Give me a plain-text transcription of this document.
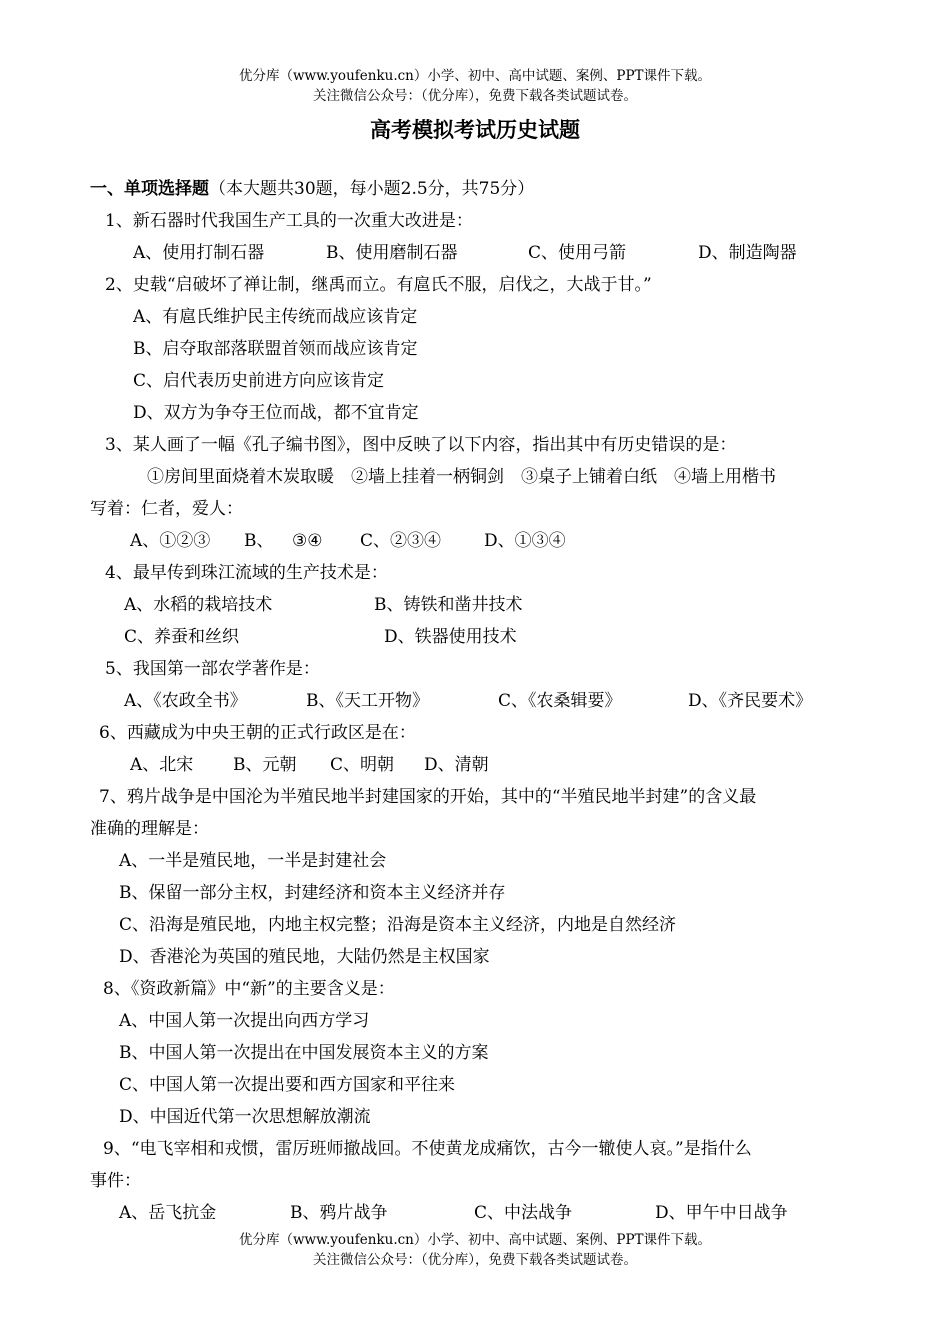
优分库（www.youfenku.cn）小学、初中、高中试题、案例、PPT课件下载。
关注微信公众号：（优分库），免费下载各类试题试卷。
高考模拟考试历史试题
一、单项选择题（本大题共30题，每小题2.5分，共75分）
1、新石器时代我国生产工具的一次重大改进是：
A、使用打制石器	B、使用磨制石器	C、使用弓箭	D、制造陶器
2、史载“启破坏了禅让制，继禹而立。有扈氏不服，启伐之，大战于甘。”
A、有扈氏维护民主传统而战应该肯定
B、启夺取部落联盟首领而战应该肯定
C、启代表历史前进方向应该肯定
D、双方为争夺王位而战，都不宜肯定
3、某人画了一幅《孔子编书图》，图中反映了以下内容，指出其中有历史错误的是：
①房间里面烧着木炭取暖　②墙上挂着一柄铜剑　③桌子上铺着白纸　④墙上用楷书
写着：仁者，爱人：
A、①②③ B、 ③④ C、②③④	D、①③④
4、最早传到珠江流域的生产技术是：
A、水稻的栽培技术	B、铸铁和凿井技术
C、养蚕和丝织	D、铁器使用技术
5、我国第一部农学著作是：
A、《农政全书》	B、《天工开物》	C、《农桑辑要》	D、《齐民要术》
6、西藏成为中央王朝的正式行政区是在：
A、北宋 B、元朝 C、明朝 D、清朝
7、鸦片战争是中国沦为半殖民地半封建国家的开始，其中的“半殖民地半封建”的含义最
准确的理解是：
A、一半是殖民地，一半是封建社会
B、保留一部分主权，封建经济和资本主义经济并存
C、沿海是殖民地，内地主权完整；沿海是资本主义经济，内地是自然经济
D、香港沦为英国的殖民地，大陆仍然是主权国家
8、《资政新篇》中“新”的主要含义是：
A、中国人第一次提出向西方学习
B、中国人第一次提出在中国发展资本主义的方案
C、中国人第一次提出要和西方国家和平往来
D、中国近代第一次思想解放潮流
9、“电飞宰相和戎惯，雷厉班师撤战回。不使黄龙成痛饮，古今一辙使人哀。”是指什么
事件：
A、岳飞抗金	B、鸦片战争	C、中法战争	D、甲午中日战争
优分库（www.youfenku.cn）小学、初中、高中试题、案例、PPT课件下载。
关注微信公众号：（优分库），免费下载各类试题试卷。
